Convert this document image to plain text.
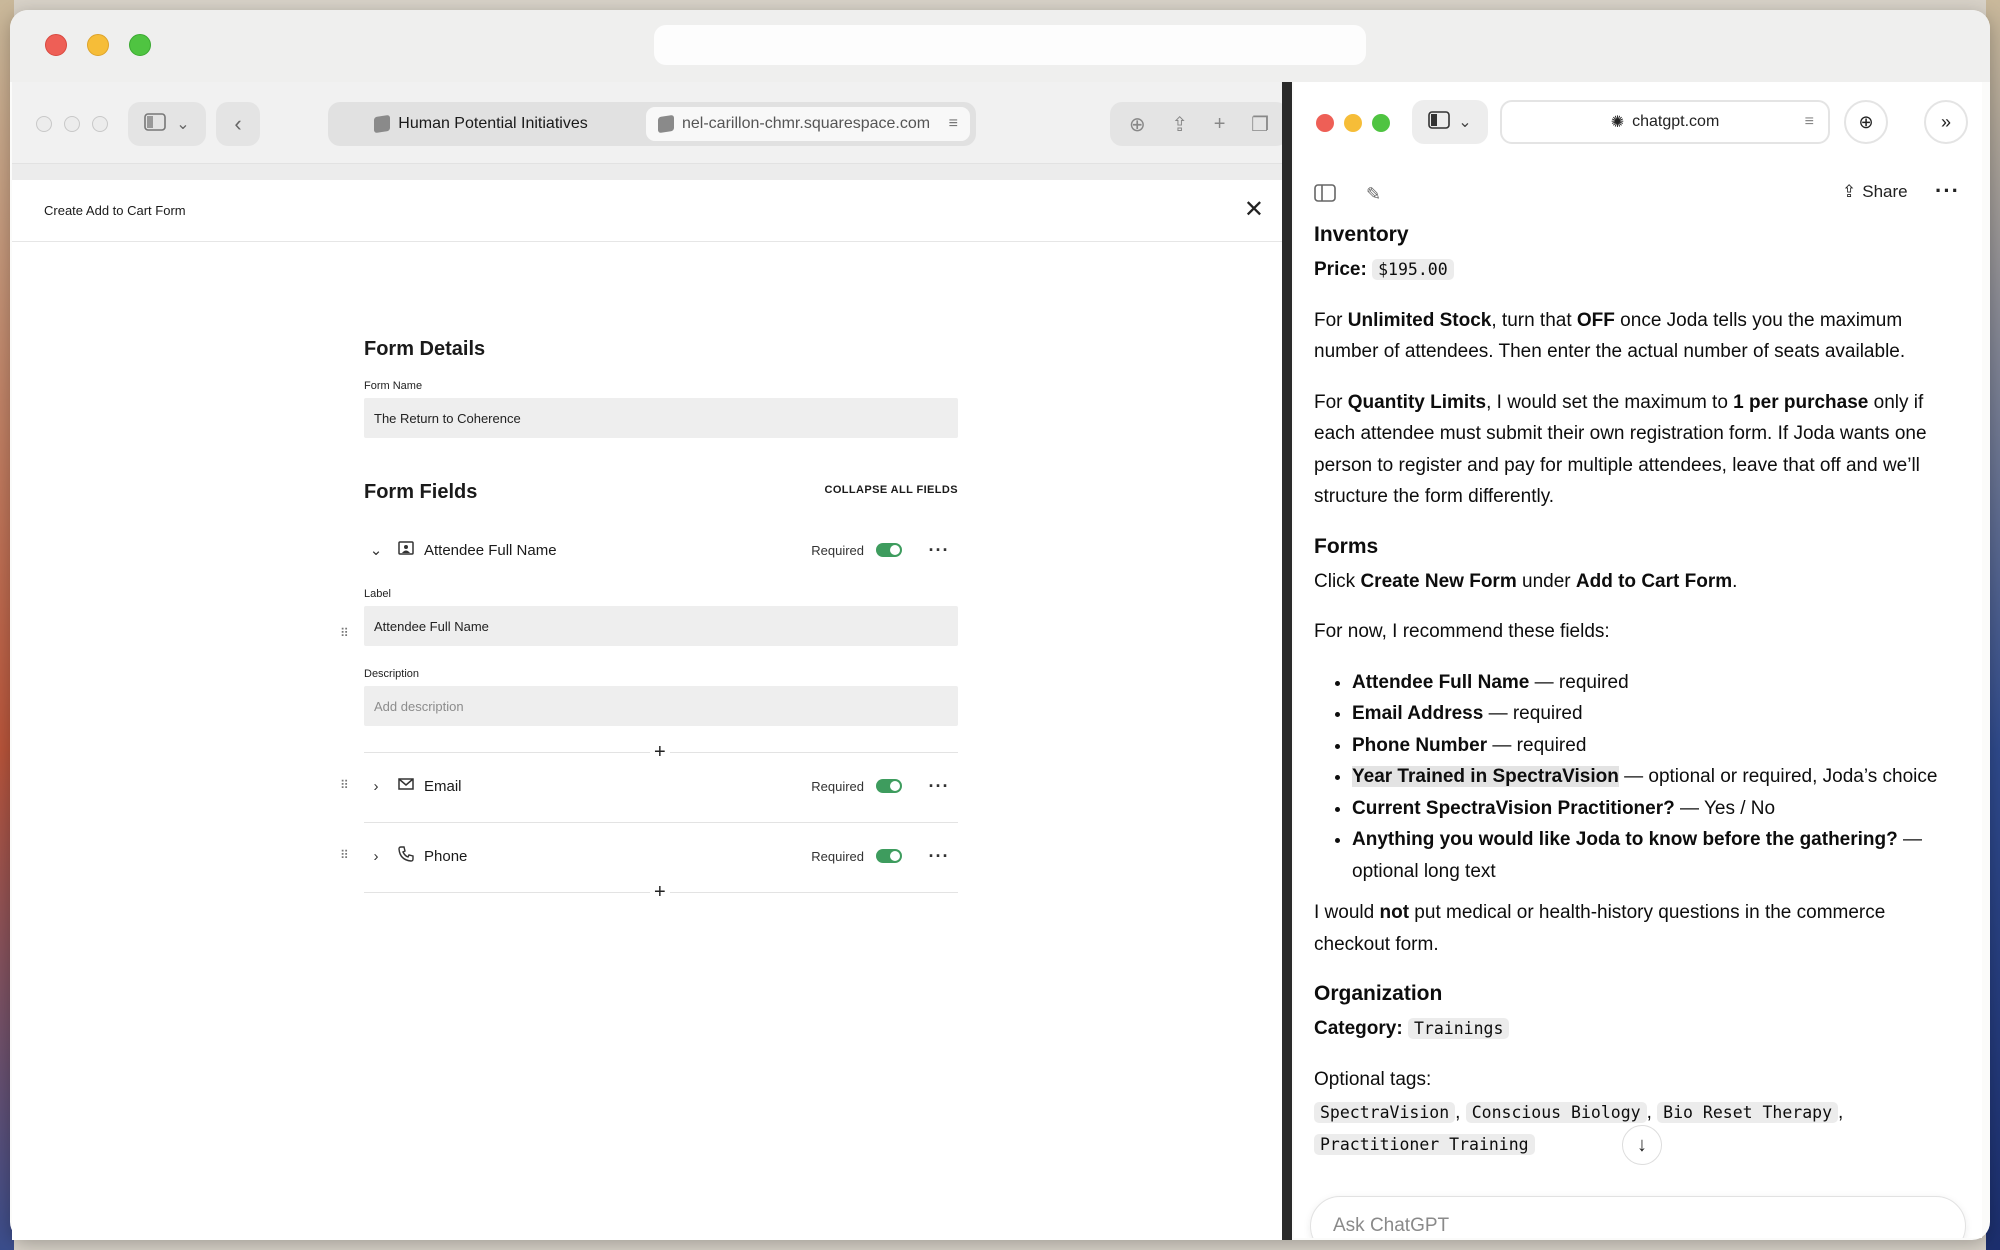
⌄ ‹	Human Potential Initiatives	nel-carillon-chmr.squarespace.com	≡	⊕ ⇪ + ❐
Create Add to Cart Form	✕
Form Details
Form Name
The Return to Coherence
Form Fields	COLLAPSE ALL FIELDS
⌄	Attendee Full Name	Required	···
Label
Attendee Full Name
⠿
Description
Add description
+
⠿	›	Email	Required	···
⠿	›	Phone	Required	···
+
⌄	✺ chatgpt.com	≡ ⊕	»
✎	⇪ Share ···
Inventory

Price: $195.00

For Unlimited Stock, turn that OFF once Joda tells you the maximum number of attendees. Then enter the actual number of seats available.

For Quantity Limits, I would set the maximum to 1 per purchase only if each attendee must submit their own registration form. If Joda wants one person to register and pay for multiple attendees, leave that off and we’ll structure the form differently.

Forms

Click Create New Form under Add to Cart Form.

For now, I recommend these fields:

• Attendee Full Name — required
• Email Address — required
• Phone Number — required
• Year Trained in SpectraVision — optional or required, Joda’s choice
• Current SpectraVision Practitioner? — Yes / No
• Anything you would like Joda to know before the gathering? — optional long text

I would not put medical or health-history questions in the commerce checkout form.

Organization

Category: Trainings

Optional tags:

SpectraVision , Conscious Biology , Bio Reset Therapy , Practitioner Training	↓
Ask ChatGPT
